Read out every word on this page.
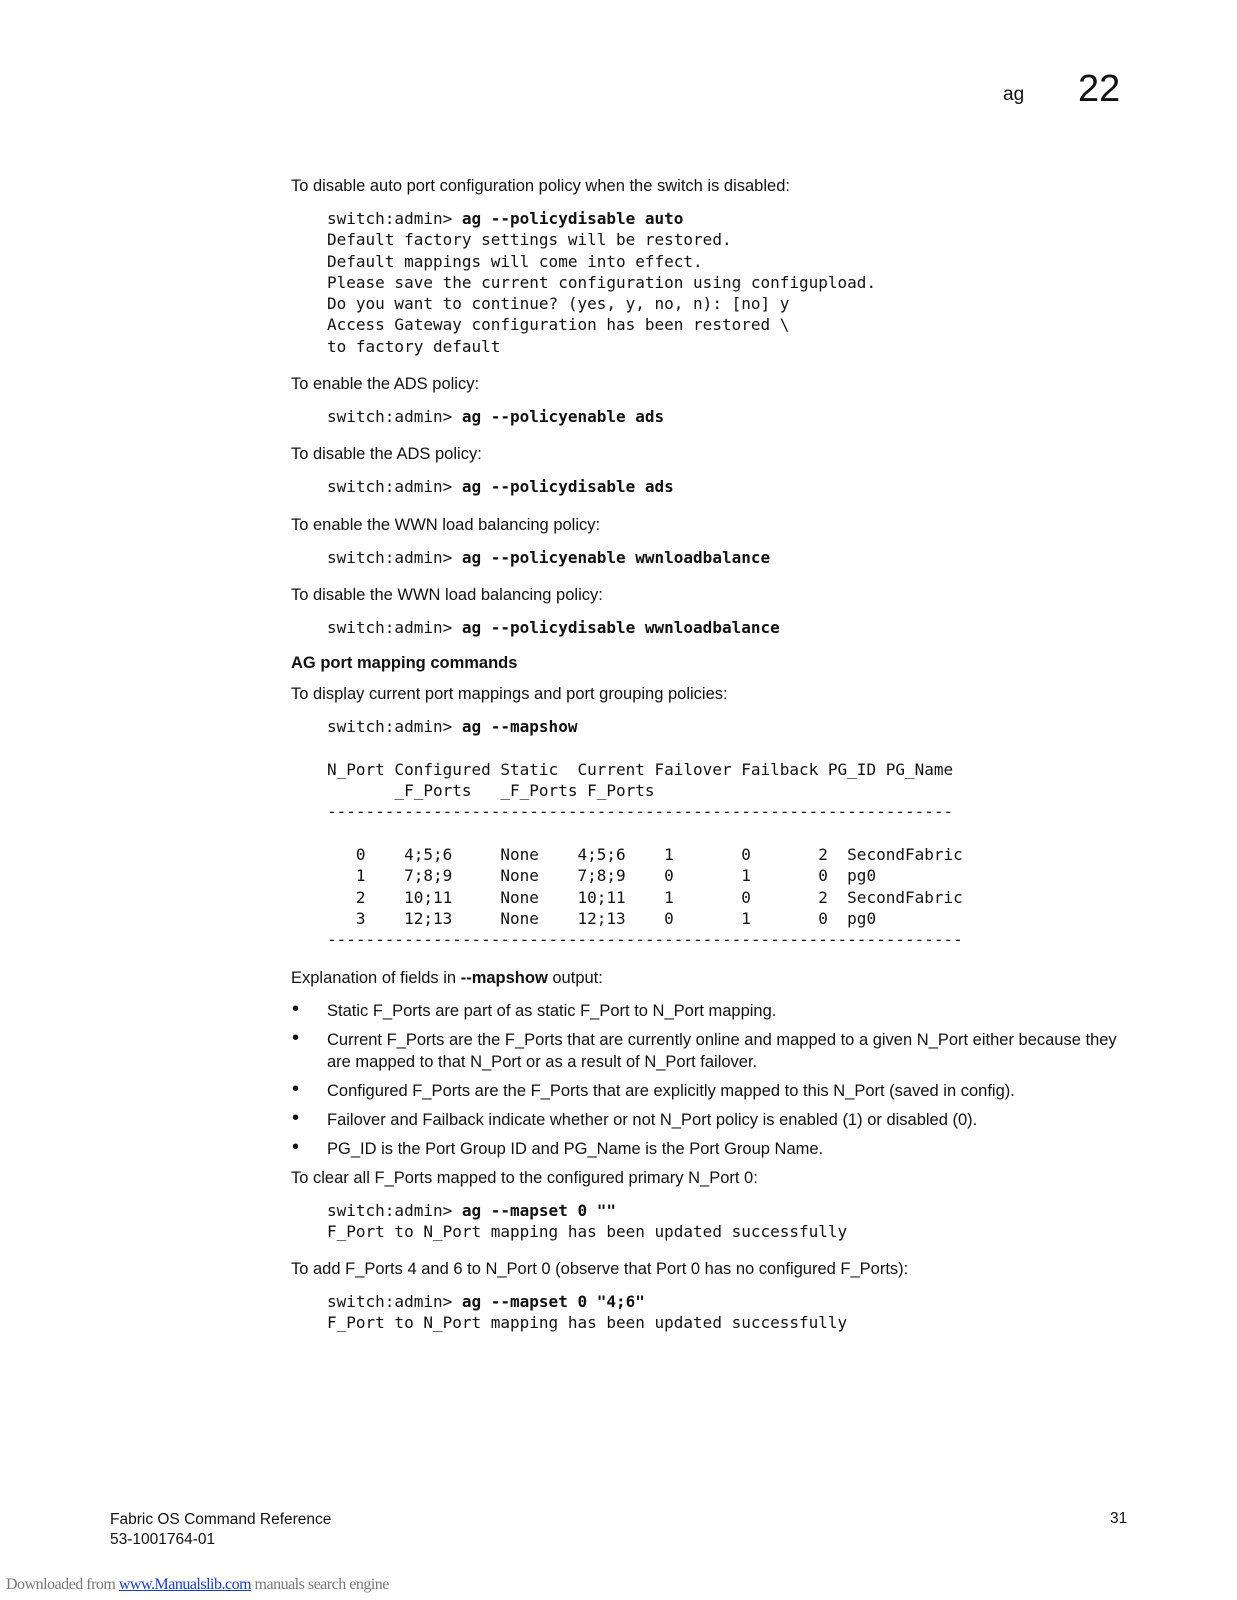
ag 22

To disable auto port configuration policy when the switch is disabled:

switch:admin> ag --policydisable auto
Default factory settings will be restored.
Default mappings will come into effect.
Please save the current configuration using configupload.
Do you want to continue? (yes, y, no, n): [no] y
Access Gateway configuration has been restored \
to factory default

To enable the ADS policy:

switch:admin> ag --policyenable ads

To disable the ADS policy:

switch:admin> ag --policydisable ads

To enable the WWN load balancing policy:

switch:admin> ag --policyenable wwnloadbalance

To disable the WWN load balancing policy:

switch:admin> ag --policydisable wwnloadbalance
AG port mapping commands

To display current port mappings and port grouping policies:

switch:admin> ag --mapshow

N_Port Configured Static  Current Failover Failback PG_ID PG_Name
_F_Ports   _F_Ports F_Ports
-----------------------------------------------------------------

0    4;5;6     None    4;5;6    1       0       2  SecondFabric
1    7;8;9     None    7;8;9    0       1       0  pg0
2    10;11     None    10;11    1       0       2  SecondFabric
3    12;13     None    12;13    0       1       0  pg0
------------------------------------------------------------------

Explanation of fields in --mapshow output:

• Static F_Ports are part of as static F_Port to N_Port mapping.
• Current F_Ports are the F_Ports that are currently online and mapped to a given N_Port either because they are mapped to that N_Port or as a result of N_Port failover.
• Configured F_Ports are the F_Ports that are explicitly mapped to this N_Port (saved in config).
• Failover and Failback indicate whether or not N_Port policy is enabled (1) or disabled (0).
• PG_ID is the Port Group ID and PG_Name is the Port Group Name.

To clear all F_Ports mapped to the configured primary N_Port 0:

switch:admin> ag --mapset 0 ""
F_Port to N_Port mapping has been updated successfully

To add F_Ports 4 and 6 to N_Port 0 (observe that Port 0 has no configured F_Ports):

switch:admin> ag --mapset 0 "4;6"
F_Port to N_Port mapping has been updated successfully
Fabric OS Command Reference
53-1001764-01
31
Downloaded from www.Manualslib.com manuals search engine
